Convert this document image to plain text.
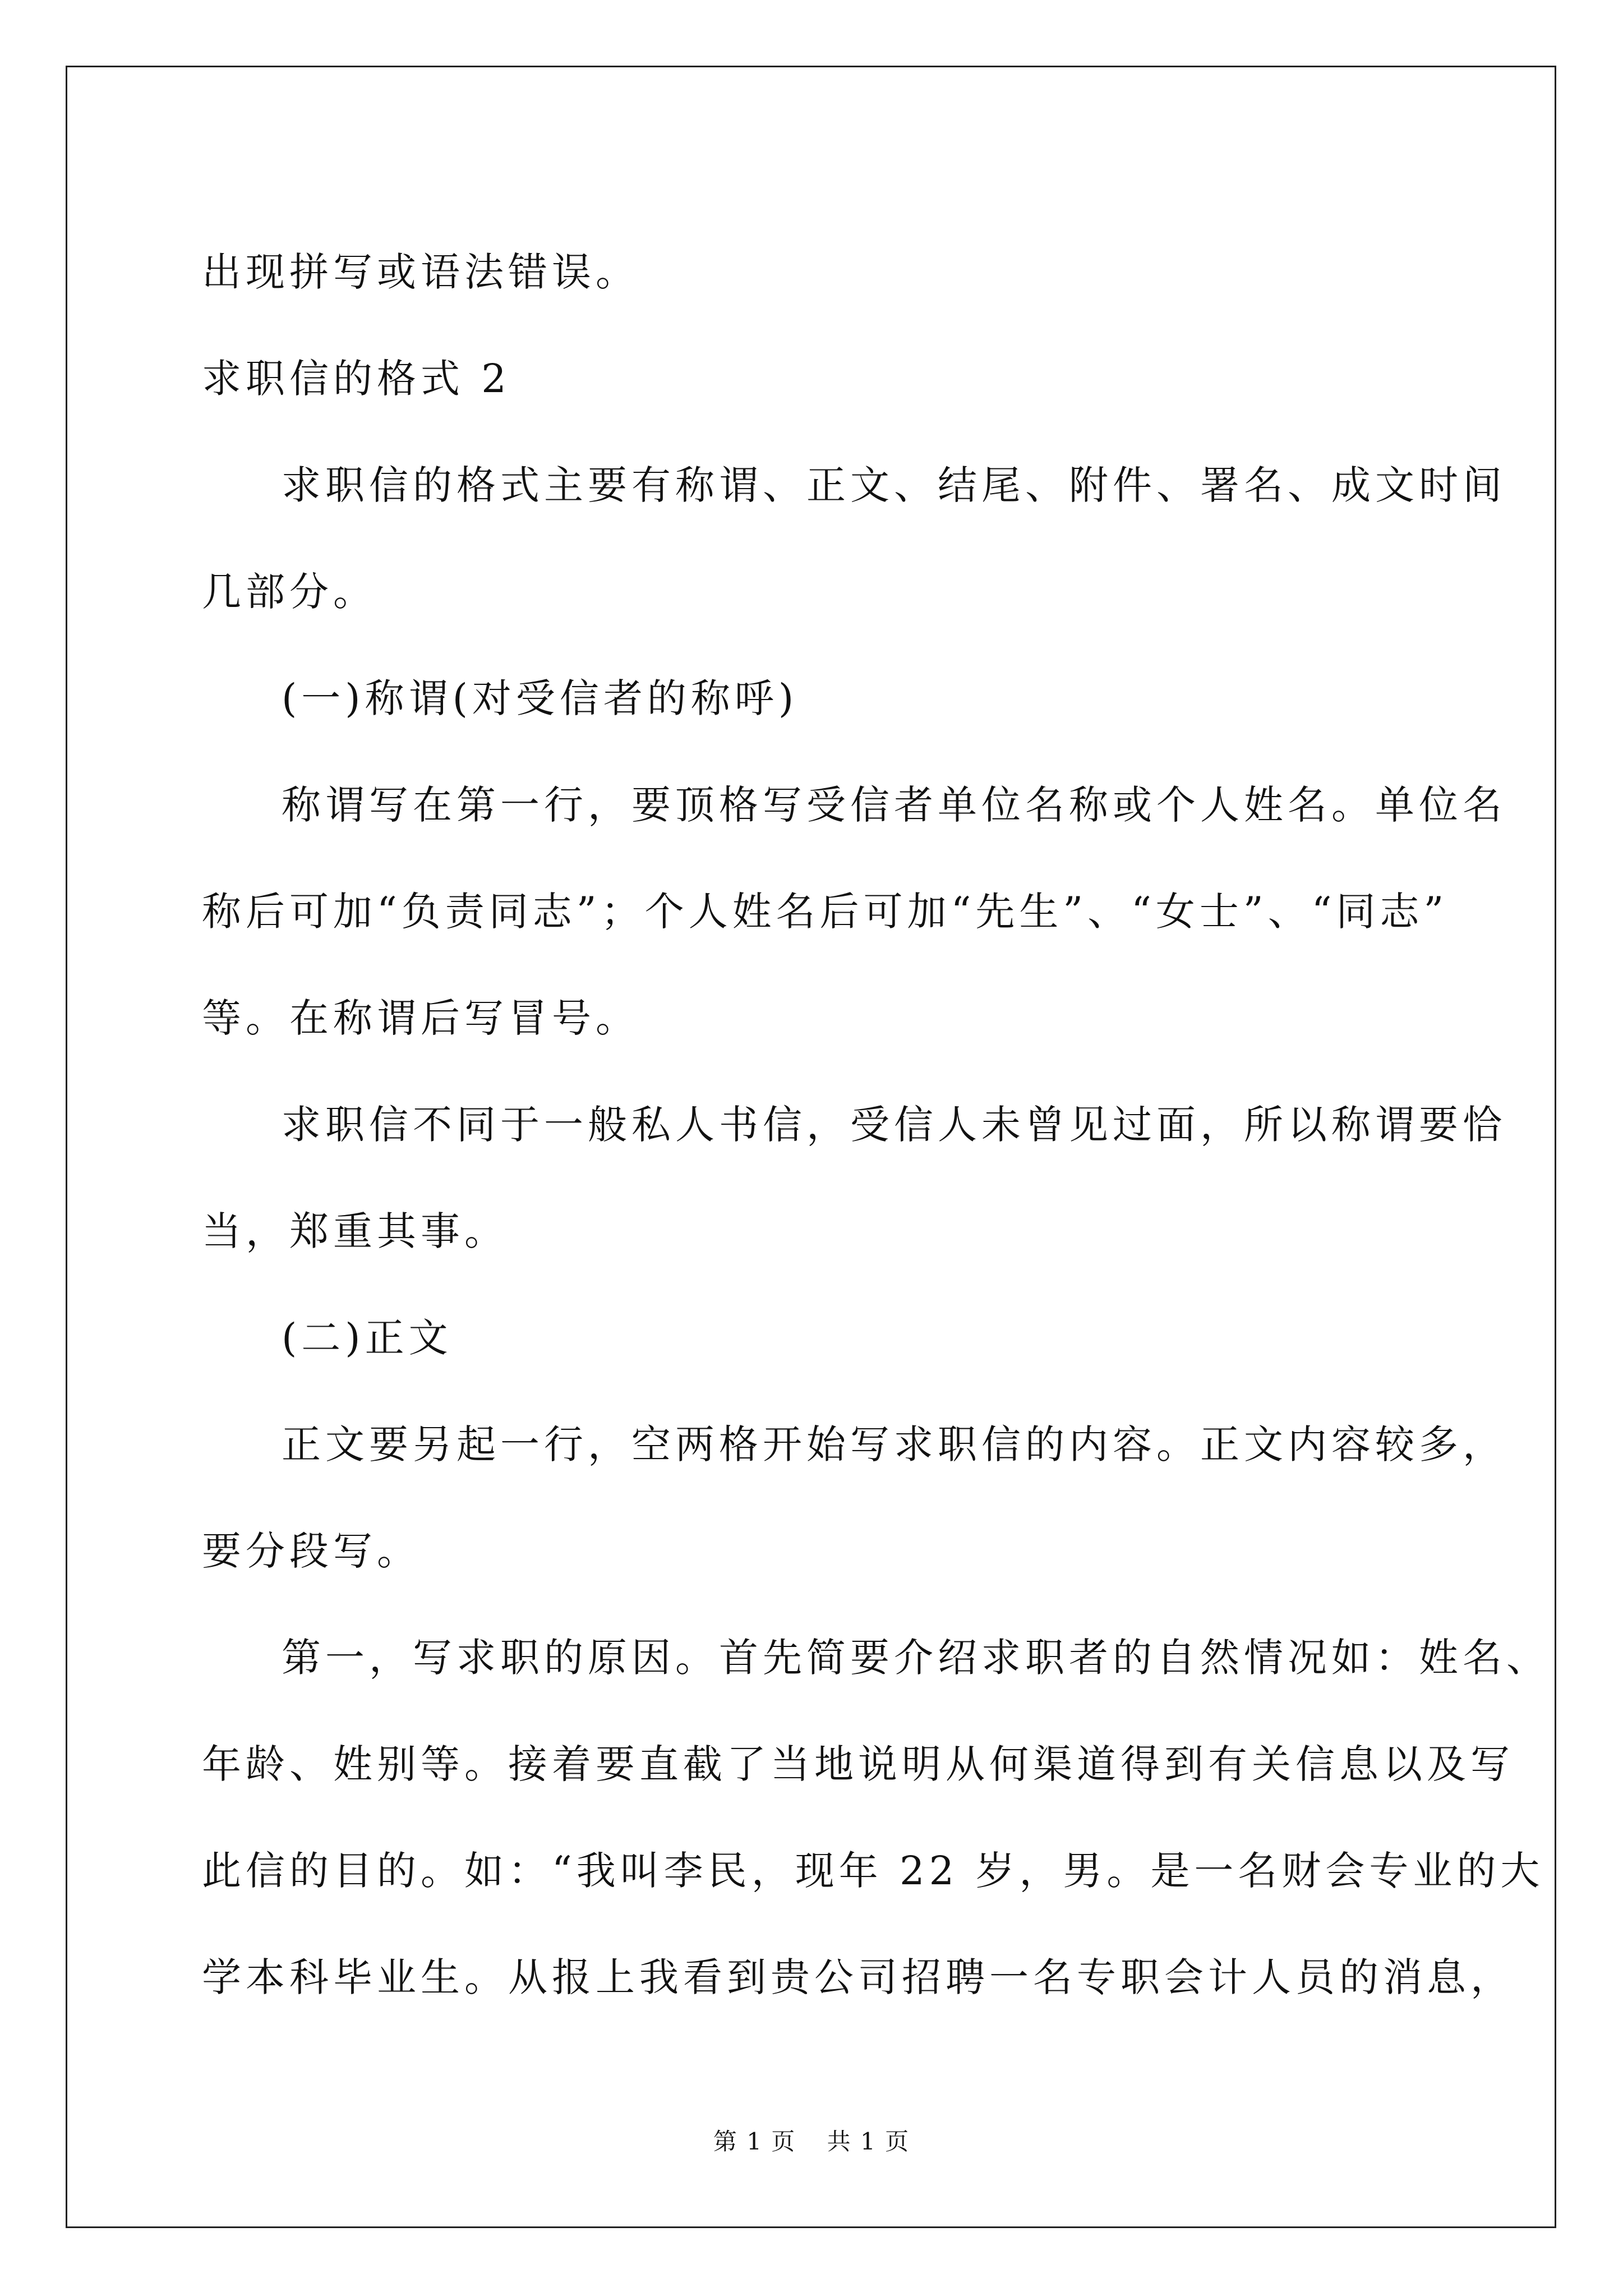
出现拼写或语法错误。
求职信的格式 2
求职信的格式主要有称谓、正文、结尾、附件、署名、成文时间
几部分。
(一)称谓(对受信者的称呼)
称谓写在第一行，要顶格写受信者单位名称或个人姓名。单位名
称后可加“负责同志”；个人姓名后可加“先生”、“女士”、“同志”
等。在称谓后写冒号。
求职信不同于一般私人书信，受信人未曾见过面，所以称谓要恰
当，郑重其事。
(二)正文
正文要另起一行，空两格开始写求职信的内容。正文内容较多，
要分段写。
第一，写求职的原因。首先简要介绍求职者的自然情况如：姓名、
年龄、姓别等。接着要直截了当地说明从何渠道得到有关信息以及写
此信的目的。如：“我叫李民，现年 22 岁，男。是一名财会专业的大
学本科毕业生。从报上我看到贵公司招聘一名专职会计人员的消息，
第 1 页 共 1 页
